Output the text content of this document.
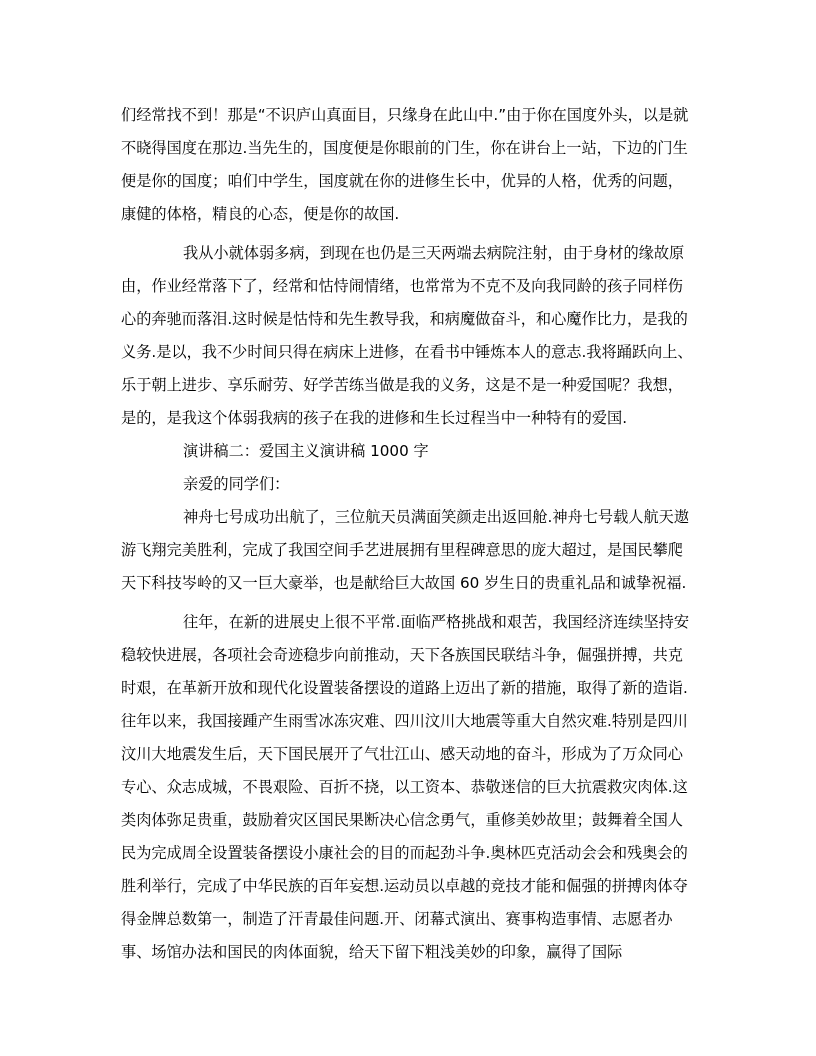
们经常找不到！那是“不识庐山真面目，只缘身在此山中.”由于你在国度外头，以是就不晓得国度在那边.当先生的，国度便是你眼前的门生，你在讲台上一站，下边的门生便是你的国度；咱们中学生，国度就在你的进修生长中，优异的人格，优秀的问题，康健的体格，精良的心态，便是你的故国.

我从小就体弱多病，到现在也仍是三天两端去病院注射，由于身材的缘故原由，作业经常落下了，经常和怙恃闹情绪，也常常为不克不及向我同龄的孩子同样伤心的奔驰而落泪.这时候是怙恃和先生教导我，和病魔做奋斗，和心魔作比力，是我的义务.是以，我不少时间只得在病床上进修，在看书中锤炼本人的意志.我将踊跃向上、乐于朝上进步、享乐耐劳、好学苦练当做是我的义务，这是不是一种爱国呢？我想，是的，是我这个体弱我病的孩子在我的进修和生长过程当中一种特有的爱国.

演讲稿二：爱国主义演讲稿 1000 字

亲爱的同学们：

神舟七号成功出航了，三位航天员满面笑颜走出返回舱.神舟七号载人航天遨游飞翔完美胜利，完成了我国空间手艺进展拥有里程碑意思的庞大超过，是国民攀爬天下科技岑岭的又一巨大豪举，也是献给巨大故国 60 岁生日的贵重礼品和诚挚祝福.

往年，在新的进展史上很不平常.面临严格挑战和艰苦，我国经济连续坚持安稳较快进展，各项社会奇迹稳步向前推动，天下各族国民联结斗争，倔强拼搏，共克时艰，在革新开放和现代化设置装备摆设的道路上迈出了新的措施，取得了新的造诣.往年以来，我国接踵产生雨雪冰冻灾难、四川汶川大地震等重大自然灾难.特别是四川汶川大地震发生后，天下国民展开了气壮江山、感天动地的奋斗，形成为了万众同心专心、众志成城，不畏艰险、百折不挠，以工资本、恭敬迷信的巨大抗震救灾肉体.这类肉体弥足贵重，鼓励着灾区国民果断决心信念勇气，重修美妙故里；鼓舞着全国人民为完成周全设置装备摆设小康社会的目的而起劲斗争.奥林匹克活动会会和残奥会的胜利举行，完成了中华民族的百年妄想.运动员以卓越的竞技才能和倔强的拼搏肉体夺得金牌总数第一，制造了汗青最佳问题.开、闭幕式演出、赛事构造事情、志愿者办事、场馆办法和国民的肉体面貌，给天下留下粗浅美妙的印象，赢得了国际
